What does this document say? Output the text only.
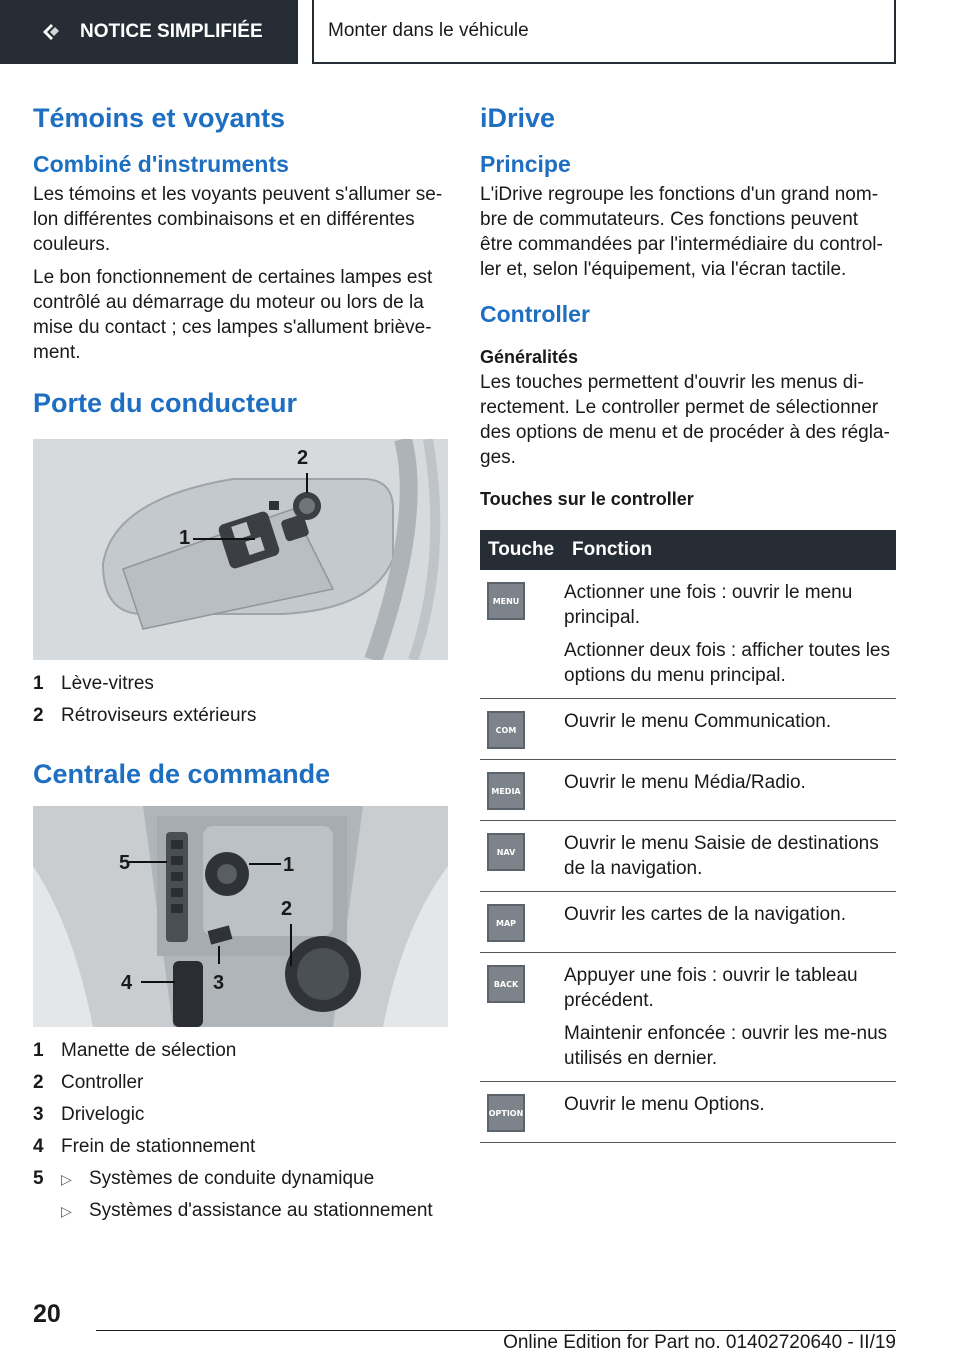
NOTICE SIMPLIFIÉE	Monter dans le véhicule
Témoins et voyants
Combiné d'instruments

Les témoins et les voyants peuvent s'allumer se-lon différentes combinaisons et en différentes couleurs.

Le bon fonctionnement de certaines lampes est contrôlé au démarrage du moteur ou lors de la mise du contact ; ces lampes s'allument briève-ment.

Porte du conducteur
1
2
1 Lève-vitres
2 Rétroviseurs extérieurs
Centrale de commande
5	1
2
3
4
1 Manette de sélection
2 Controller
3 Drivelogic
4 Frein de stationnement
5	▷ Systèmes de conduite dynamique
▷ Systèmes d'assistance au stationnement
iDrive
Principe

L'iDrive regroupe les fonctions d'un grand nom-bre de commutateurs. Ces fonctions peuvent être commandées par l'intermédiaire du control-ler et, selon l'équipement, via l'écran tactile.

Controller
Généralités

Les touches permettent d'ouvrir les menus di-rectement. Le controller permet de sélectionner des options de menu et de procéder à des régla-ges.

Touches sur le controller
Touche	Fonction

MENU	Actionner une fois : ouvrir le menu principal.

Actionner deux fois : afficher toutes les options du menu principal.

COM	Ouvrir le menu Communication.

MEDIA	Ouvrir le menu Média/Radio.

NAV	Ouvrir le menu Saisie de destinations de la navigation.

MAP	Ouvrir les cartes de la navigation.

BACK	Appuyer une fois : ouvrir le tableau précédent.

Maintenir enfoncée : ouvrir les me-nus utilisés en dernier.

OPTION	Ouvrir le menu Options.

20
Online Edition for Part no. 01402720640 - II/19
